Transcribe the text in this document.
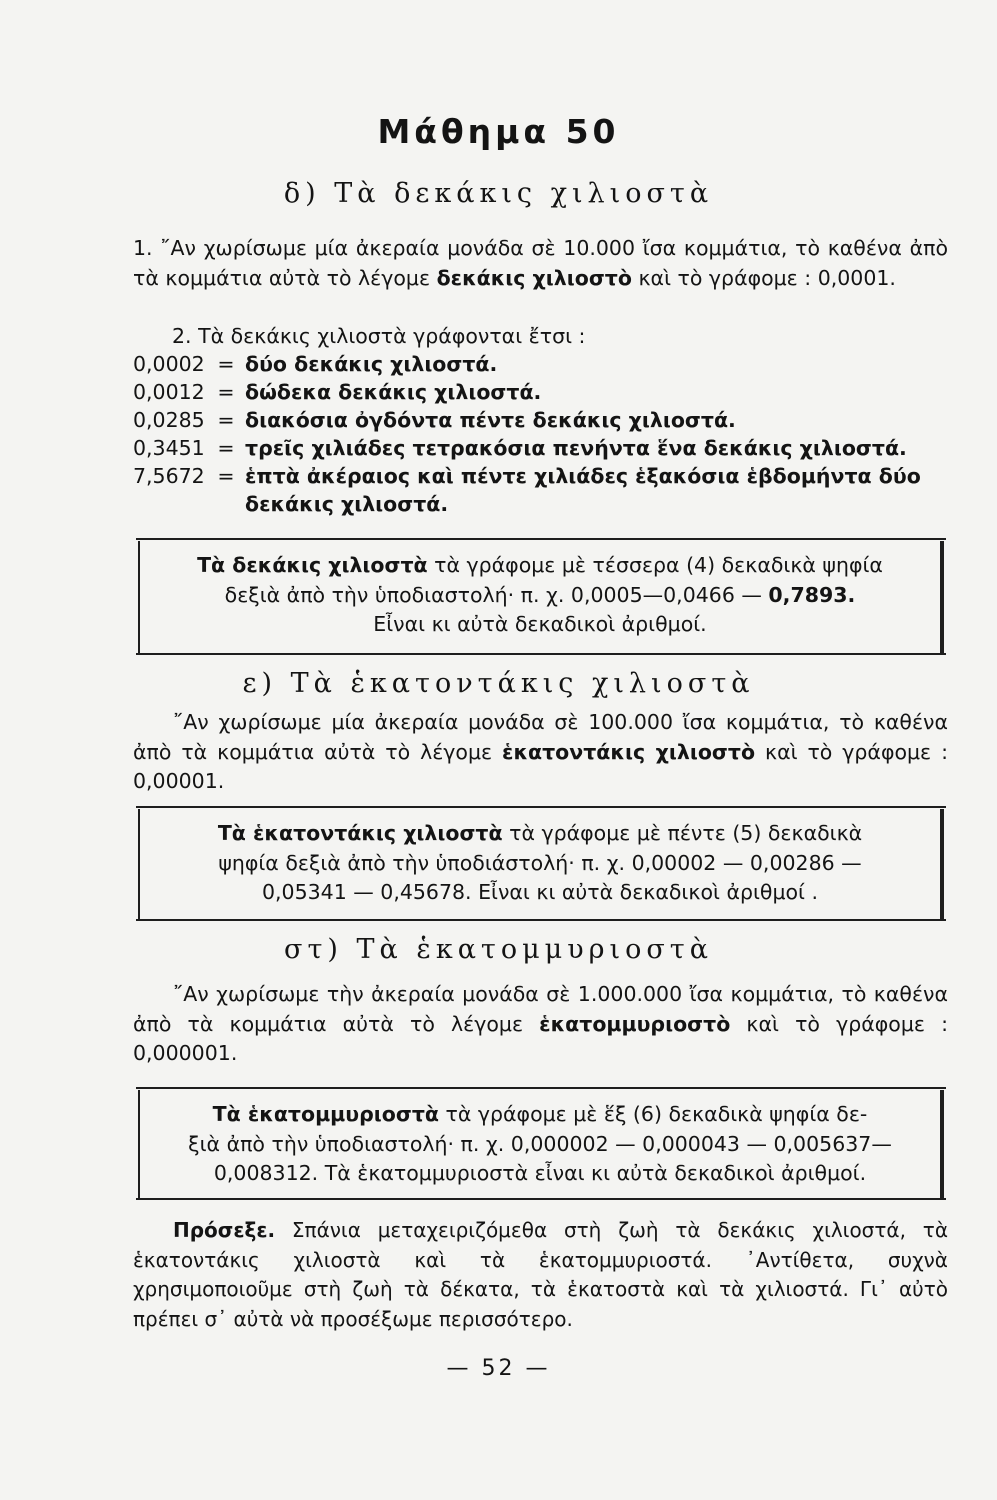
Μάθημα 50
δ) Τὰ δεκάκις χιλιοστὰ
1. ῎Αν χωρίσωμε μία ἀκεραία μονάδα σὲ 10.000 ἴσα κομμάτια, τὸ καθένα ἀπὸ τὰ κομμάτια αὐτὰ τὸ λέγομε δεκάκις χιλιοστὸ καὶ τὸ γράφομε : 0,0001.
2. Τὰ δεκάκις χιλιοστὰ γράφονται ἔτσι :
0,0002 = δύο δεκάκις χιλιοστά.
0,0012 = δώδεκα δεκάκις χιλιοστά.
0,0285 = διακόσια ὀγδόντα πέντε δεκάκις χιλιοστά.
0,3451 = τρεῖς χιλιάδες τετρακόσια πενήντα ἕνα δεκάκις χιλιοστά.
7,5672 = ἑπτὰ ἀκέραιος καὶ πέντε χιλιάδες ἑξακόσια ἑβδομήντα δύο
δεκάκις χιλιοστά.

Τὰ δεκάκις χιλιοστὰ τὰ γράφομε μὲ τέσσερα (4) δεκαδικὰ ψηφία

δεξιὰ ἀπὸ τὴν ὑποδιαστολή· π. χ. 0,0005—0,0466 — 0,7893.

Εἶναι κι αὐτὰ δεκαδικοὶ ἀριθμοί.

ε) Τὰ ἑκατοντάκις χιλιοστὰ
῎Αν χωρίσωμε μία ἀκεραία μονάδα σὲ 100.000 ἴσα κομμάτια, τὸ καθένα ἀπὸ τὰ κομμάτια αὐτὰ τὸ λέγομε ἑκατοντάκις χιλιοστὸ καὶ τὸ γράφομε : 0,00001.

Τὰ ἑκατοντάκις χιλιοστὰ τὰ γράφομε μὲ πέντε (5) δεκαδικὰ

ψηφία δεξιὰ ἀπὸ τὴν ὑποδιάστολή· π. χ. 0,00002 — 0,00286 —

0,05341 — 0,45678. Εἶναι κι αὐτὰ δεκαδικοὶ ἀριθμοί .

στ) Τὰ ἑκατομμυριοστὰ
῎Αν χωρίσωμε τὴν ἀκεραία μονάδα σὲ 1.000.000 ἴσα κομμάτια, τὸ καθένα ἀπὸ τὰ κομμάτια αὐτὰ τὸ λέγομε ἑκατομμυριοστὸ καὶ τὸ γράφομε : 0,000001.

Τὰ ἑκατομμυριοστὰ τὰ γράφομε μὲ ἕξ (6) δεκαδικὰ ψηφία δε-

ξιὰ ἀπὸ τὴν ὑποδιαστολή· π. χ. 0,000002 — 0,000043 — 0,005637—

0,008312. Τὰ ἑκατομμυριοστὰ εἶναι κι αὐτὰ δεκαδικοὶ ἀριθμοί.

Πρόσεξε. Σπάνια μεταχειριζόμεθα στὴ ζωὴ τὰ δεκάκις χιλιοστά, τὰ ἑκατοντάκις χιλιοστὰ καὶ τὰ ἑκατομμυριοστά. ᾿Αντίθετα, συχνὰ χρησιμοποιοῦμε στὴ ζωὴ τὰ δέκατα, τὰ ἑκατοστὰ καὶ τὰ χιλιοστά. Γι᾿ αὐτὸ πρέπει σ᾿ αὐτὰ νὰ προσέξωμε περισσότερο.
— 52 —
